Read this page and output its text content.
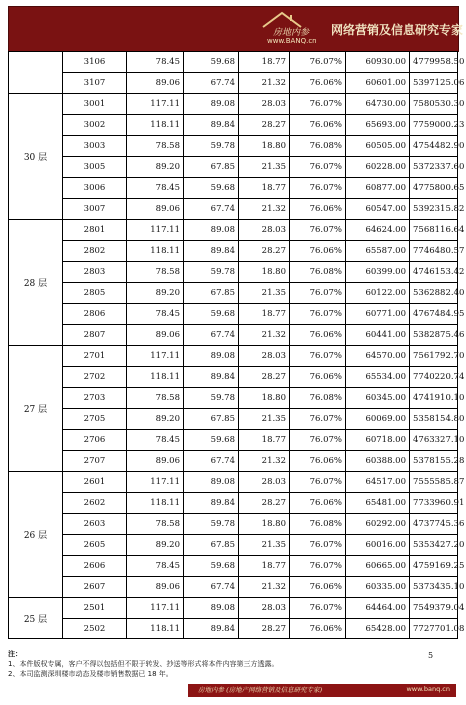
房地内参
www.BANQ.cn
网络营销及信息研究专家
	3106	78.45	59.68	18.77	76.07%	60930.00	4779958.50
	3107	89.06	67.74	21.32	76.06%	60601.00	5397125.06
30 层	3001	117.11	89.08	28.03	76.07%	64730.00	7580530.30
	3002	118.11	89.84	28.27	76.06%	65693.00	7759000.23
	3003	78.58	59.78	18.80	76.08%	60505.00	4754482.90
	3005	89.20	67.85	21.35	76.07%	60228.00	5372337.60
	3006	78.45	59.68	18.77	76.07%	60877.00	4775800.65
	3007	89.06	67.74	21.32	76.06%	60547.00	5392315.82
28 层	2801	117.11	89.08	28.03	76.07%	64624.00	7568116.64
	2802	118.11	89.84	28.27	76.06%	65587.00	7746480.57
	2803	78.58	59.78	18.80	76.08%	60399.00	4746153.42
	2805	89.20	67.85	21.35	76.07%	60122.00	5362882.40
	2806	78.45	59.68	18.77	76.07%	60771.00	4767484.95
	2807	89.06	67.74	21.32	76.06%	60441.00	5382875.46
27 层	2701	117.11	89.08	28.03	76.07%	64570.00	7561792.70
	2702	118.11	89.84	28.27	76.06%	65534.00	7740220.74
	2703	78.58	59.78	18.80	76.08%	60345.00	4741910.10
	2705	89.20	67.85	21.35	76.07%	60069.00	5358154.80
	2706	78.45	59.68	18.77	76.07%	60718.00	4763327.10
	2707	89.06	67.74	21.32	76.06%	60388.00	5378155.28
26 层	2601	117.11	89.08	28.03	76.07%	64517.00	7555585.87
	2602	118.11	89.84	28.27	76.06%	65481.00	7733960.91
	2603	78.58	59.78	18.80	76.08%	60292.00	4737745.36
	2605	89.20	67.85	21.35	76.07%	60016.00	5353427.20
	2606	78.45	59.68	18.77	76.07%	60665.00	4759169.25
	2607	89.06	67.74	21.32	76.06%	60335.00	5373435.10
25 层	2501	117.11	89.08	28.03	76.07%	64464.00	7549379.04
	2502	118.11	89.84	28.27	76.06%	65428.00	7727701.08
注：
1、本件版权专属，客户不得以包括但不限于转发、抄送等形式将本件内容第三方透露。
2、本司监测深圳楼市动态及楼市销售数据已 18 年。
5
房地内参 (房地产网络营销及信息研究专家)	www.banq.cn
